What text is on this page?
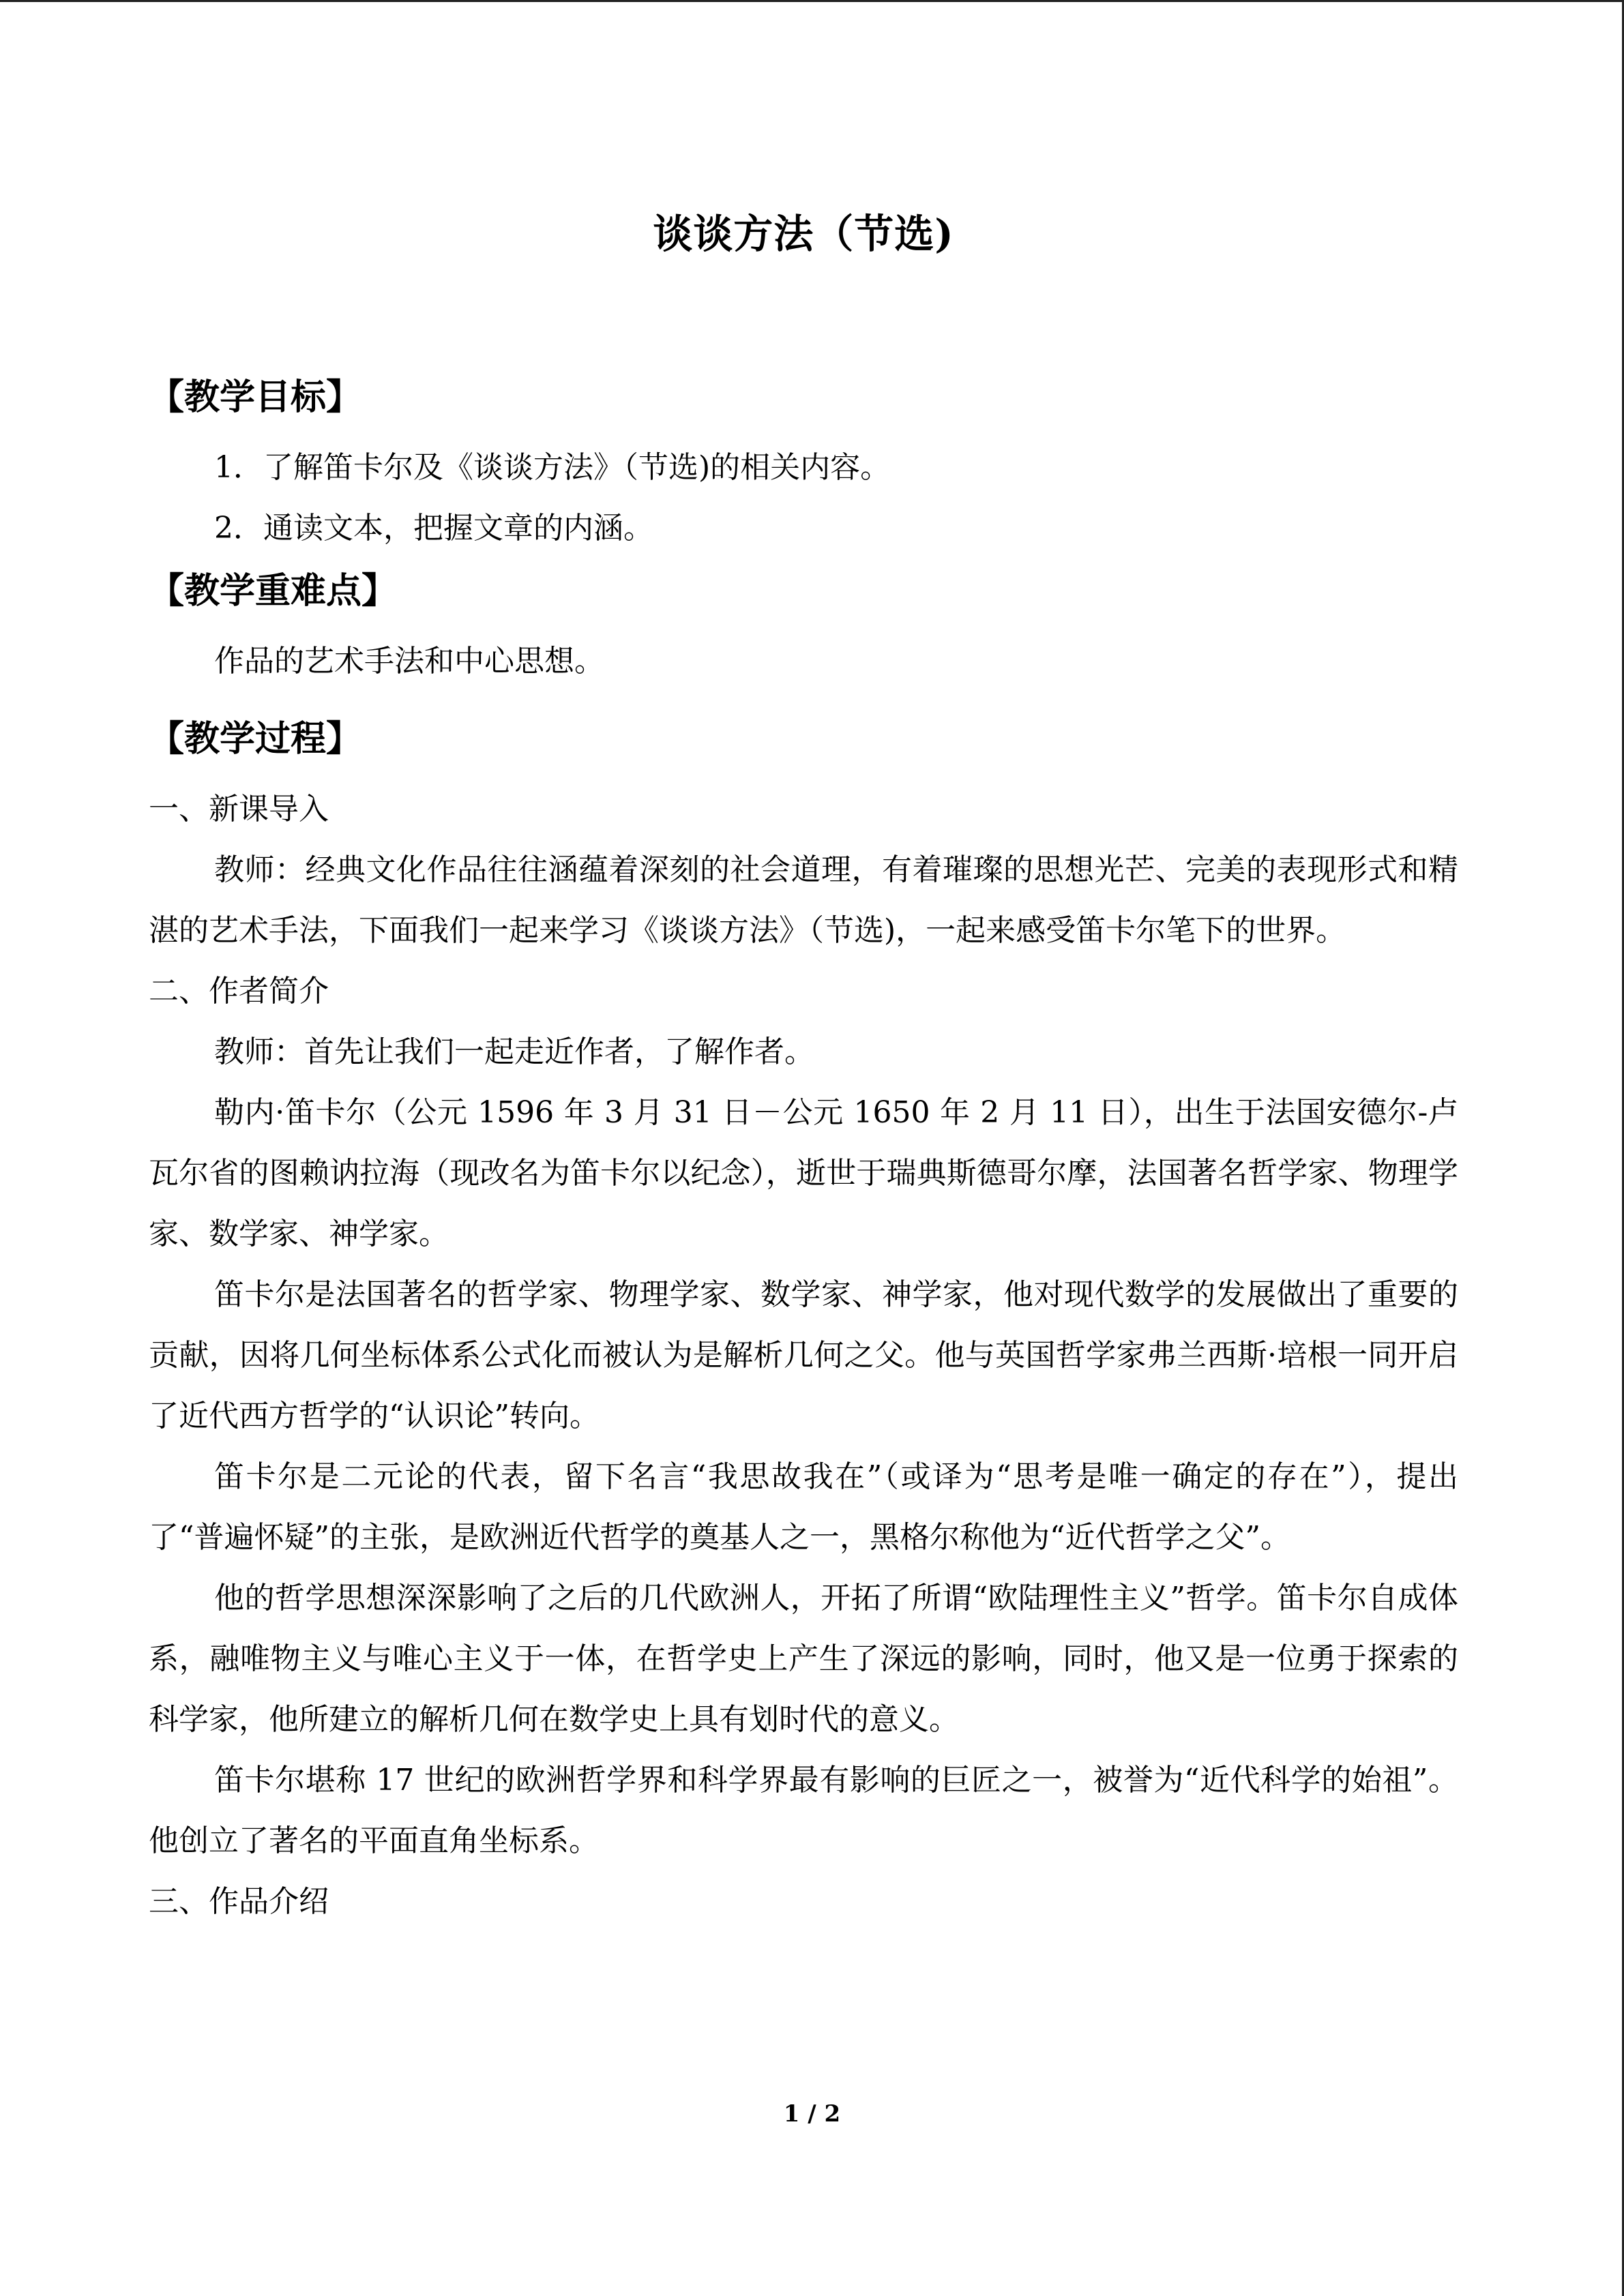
谈谈方法（节选)
【教学目标】

1．了解笛卡尔及《谈谈方法》（节选)的相关内容。

2．通读文本，把握文章的内涵。

【教学重难点】

作品的艺术手法和中心思想。

【教学过程】

一、新课导入

教师：经典文化作品往往涵蕴着深刻的社会道理，有着璀璨的思想光芒、完美的表现形式和精湛的艺术手法，下面我们一起来学习《谈谈方法》（节选)，一起来感受笛卡尔笔下的世界。

二、作者简介

教师：首先让我们一起走近作者，了解作者。

勒内·笛卡尔（公元 1596 年 3 月 31 日－公元 1650 年 2 月 11 日），出生于法国安德尔-卢瓦尔省的图赖讷拉海（现改名为笛卡尔以纪念），逝世于瑞典斯德哥尔摩，法国著名哲学家、物理学家、数学家、神学家。

笛卡尔是法国著名的哲学家、物理学家、数学家、神学家，他对现代数学的发展做出了重要的贡献，因将几何坐标体系公式化而被认为是解析几何之父。他与英国哲学家弗兰西斯·培根一同开启了近代西方哲学的“认识论”转向。

笛卡尔是二元论的代表，留下名言“我思故我在”（或译为“思考是唯一确定的存在”），提出了“普遍怀疑”的主张，是欧洲近代哲学的奠基人之一，黑格尔称他为“近代哲学之父”。

他的哲学思想深深影响了之后的几代欧洲人，开拓了所谓“欧陆理性主义”哲学。笛卡尔自成体系，融唯物主义与唯心主义于一体，在哲学史上产生了深远的影响，同时，他又是一位勇于探索的科学家，他所建立的解析几何在数学史上具有划时代的意义。

笛卡尔堪称 17 世纪的欧洲哲学界和科学界最有影响的巨匠之一，被誉为“近代科学的始祖”。他创立了著名的平面直角坐标系。

三、作品介绍

1 / 2
